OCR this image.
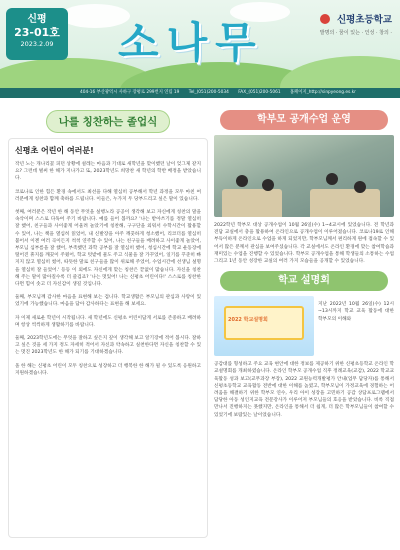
신평
23-01호
2023.2.09	소나무	신평초등학교
발명의 · 꿈이 있는 · 인성 · 창의 ·
404-16 부산광역시 사하구 장평로 299번지 연립 19 Tel_(051)200-5034 FAX_(051)200-5061 홈페이지_http://sinpyeong.es.kr
나를 칭찬하는 졸업식
신평초 어린이 여러분!

작년 노는 개나리꽃 피던 상황에 설레는 마음과 기대로 새학년을 맞이했던 날이 엊그제 같지요? 그런데 벌써 한 해가 지나가고 또, 2023학년도 희망찬 새 학년의 학반 배정을 받았습니다.

코로나로 인한 힘든 환경 속에서도 최선을 다해 열심히 공부해서 학년 과정을 모두 마친 여러분에게 칭찬과 함께 축하를 드립니다. 이들은, 누가지 두 당부드리고 싶은 말이 있습니다.

첫째, 여러분은 작년 한 해 동안 무엇을 실행노라 공공이 생각해 보고 자신에게 칭찬의 말을 속삭이며 스스로 다독여 주기 바랍니다. 예를 들어 봅까요? '나는 받아쓰기를 정말 열심히 잘 했어, 친구들과 사이좋게 어울려 놀았기에 칭찬해, 구구단을 외워서 수학시간이 활용할 수 있어, 나는 책을 열심히 읽었어, 내 신발장을 아주 깨끗하게 청소했어, 리코더를 열심히 불어서 이젠 여러 곡이든지 척척 연주할 수 있어, 나는 친구들을 배려하고 사이좋게 놀았어, 부모님 심부름을 잘 했어, 부족했던 과학 공부를 잘 열심히 했어, 청심시간에 학교 운동장에 떨어진 휴지를 깨끗이 주웠어, 학교 텃밭에 물도 주고 식물을 잘 가꾸었어, 일기를 꾸준히 빠지지 않고 열심히 썼어, 따뜻한 말로 친구들을 많이 위로해 주었어, 수업시간에 선생님 설명을 열심히 잘 들었어.' 등등 이 외에도 자신에게 맞는 칭찬은 끝없이 많습니다. 자신을 칭찬해 주는 말이 많아질수록 더 즐겁죠? '나는 멋있어! 나는 신평초 어린이다!' 스스로를 칭찬한다면 힘이 솟고 더 자신감이 생길 것입니다.

둘째, 부모님께 감사한 마음을 표현해 보는 겁니다. 학교생활은 부모님의 관심과 사랑이 있었기에 가능했습니다. 마음을 담아 감사하다는 표현을 해 보세요.

자 이제 새로운 학년이 시작됩니다. 새 학년에도 신평초 어린이답게 서로를 존중하고 배려하며 항상 씩씩하게 생활하기를 바랍니다.

둘째, 2023학년도에는 무엇을 잘하고 싶은지 깊이 생각해 보고 알기장에 적어 봅시다. 잘하고 싶은 것을 세 가지 정도 자세히 적어서 자신과 약속하고 실천한다면 자신을 칭찬할 수 있는 멋진 2023학년도 한 해가 되기를 기대하겠습니다.

올 한 해는 신평초 어린이 모두 칭찬으로 성장하고 더 행복한 한 해가 될 수 있도록 응원하고 지원하겠습니다.

학부모 공개수업 운영

2022학년 학부모 대상 공개수업이 10월 26일(수) 1~4교시에 있었습니다. 전 학년과 전담 교실에서 충을 활용하여 온라인으로 공개수업이 이루어졌습니다. 코로나19로 인해 부득이하게 온라인으로 수업을 하게 되었지만, 학부모님께서 편리하게 원에 접속할 수 있어서 많은 분께서 관심을 보여주셨습니다. 각 교실에서도 온라인 환경에 맞는 참여학습과 재미있는 수업을 진행할 수 있었습니다. 학부모 공개수업을 통해 학생들의 소통하는 수업 그리고 1년 동안 성장한 교실의 여러 가지 모습들을 공개할 수 있었습니다.

학교 설명회
2022 학교설명회

지난 2022년 10월 26일(수) 12시~13시까지 학교 교육 활동에 대한 학부모의 이해와

공감대를 형성하고 주요 교육 현안에 대한 정보를 제공하기 위한 신평초등학교 온라인 학교설명회를 개최하였습니다. 온라인 학부모 공개수업 직후 정례교육(교감), 2022 학교교육활동 성과 보고(교무과장 부장), 2022 교원능력개발평가 안내(업무 담당자)를 통해서 신평초등학교 교육활동 전반에 대한 이해를 높였고, 학부모님이 가정교육에 경험하는 어려움을 해결하기 위한 학부모 연수, 우리 아이 성장을 고민하기 공감 상담프로그램에서 담당한 아동 성인지교육 전문강사가 이루어져 부모님들의 호응을 받았습니다. 비록 직접 만나서 진행하지는 못했지만, 온라인을 통해서 더 쉽게, 더 많은 학부모님들이 참여할 수 있었기에 보람있는 날이었습니다.
